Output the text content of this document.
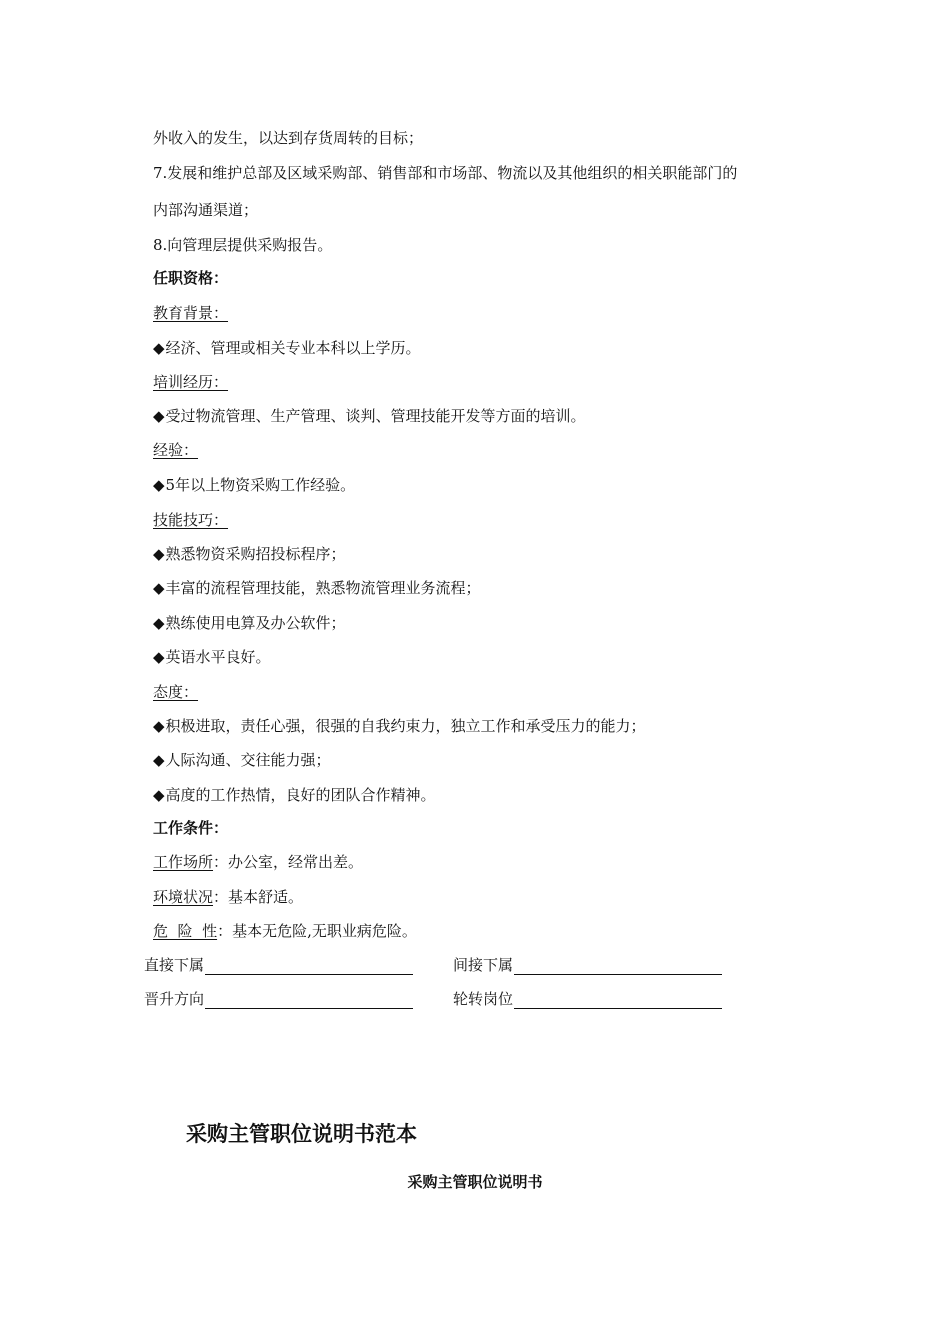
外收入的发生，以达到存货周转的目标；
7.发展和维护总部及区域采购部、销售部和市场部、物流以及其他组织的相关职能部门的
内部沟通渠道；
8.向管理层提供采购报告。
任职资格：
教育背景：
◆ 经济、管理或相关专业本科以上学历。
培训经历：
◆ 受过物流管理、生产管理、谈判、管理技能开发等方面的培训。
经验：
◆ 5年以上物资采购工作经验。
技能技巧：
◆ 熟悉物资采购招投标程序；
◆ 丰富的流程管理技能，熟悉物流管理业务流程；
◆ 熟练使用电算及办公软件；
◆ 英语水平良好。
态度：
◆ 积极进取，责任心强，很强的自我约束力，独立工作和承受压力的能力；
◆ 人际沟通、交往能力强；
◆ 高度的工作热情，良好的团队合作精神。
工作条件：
工作场所：办公室，经常出差。
环境状况：基本舒适。
危  险  性：基本无危险,无职业病危险。
直接下属	间接下属
晋升方向	轮转岗位
采购主管职位说明书范本
采购主管职位说明书
